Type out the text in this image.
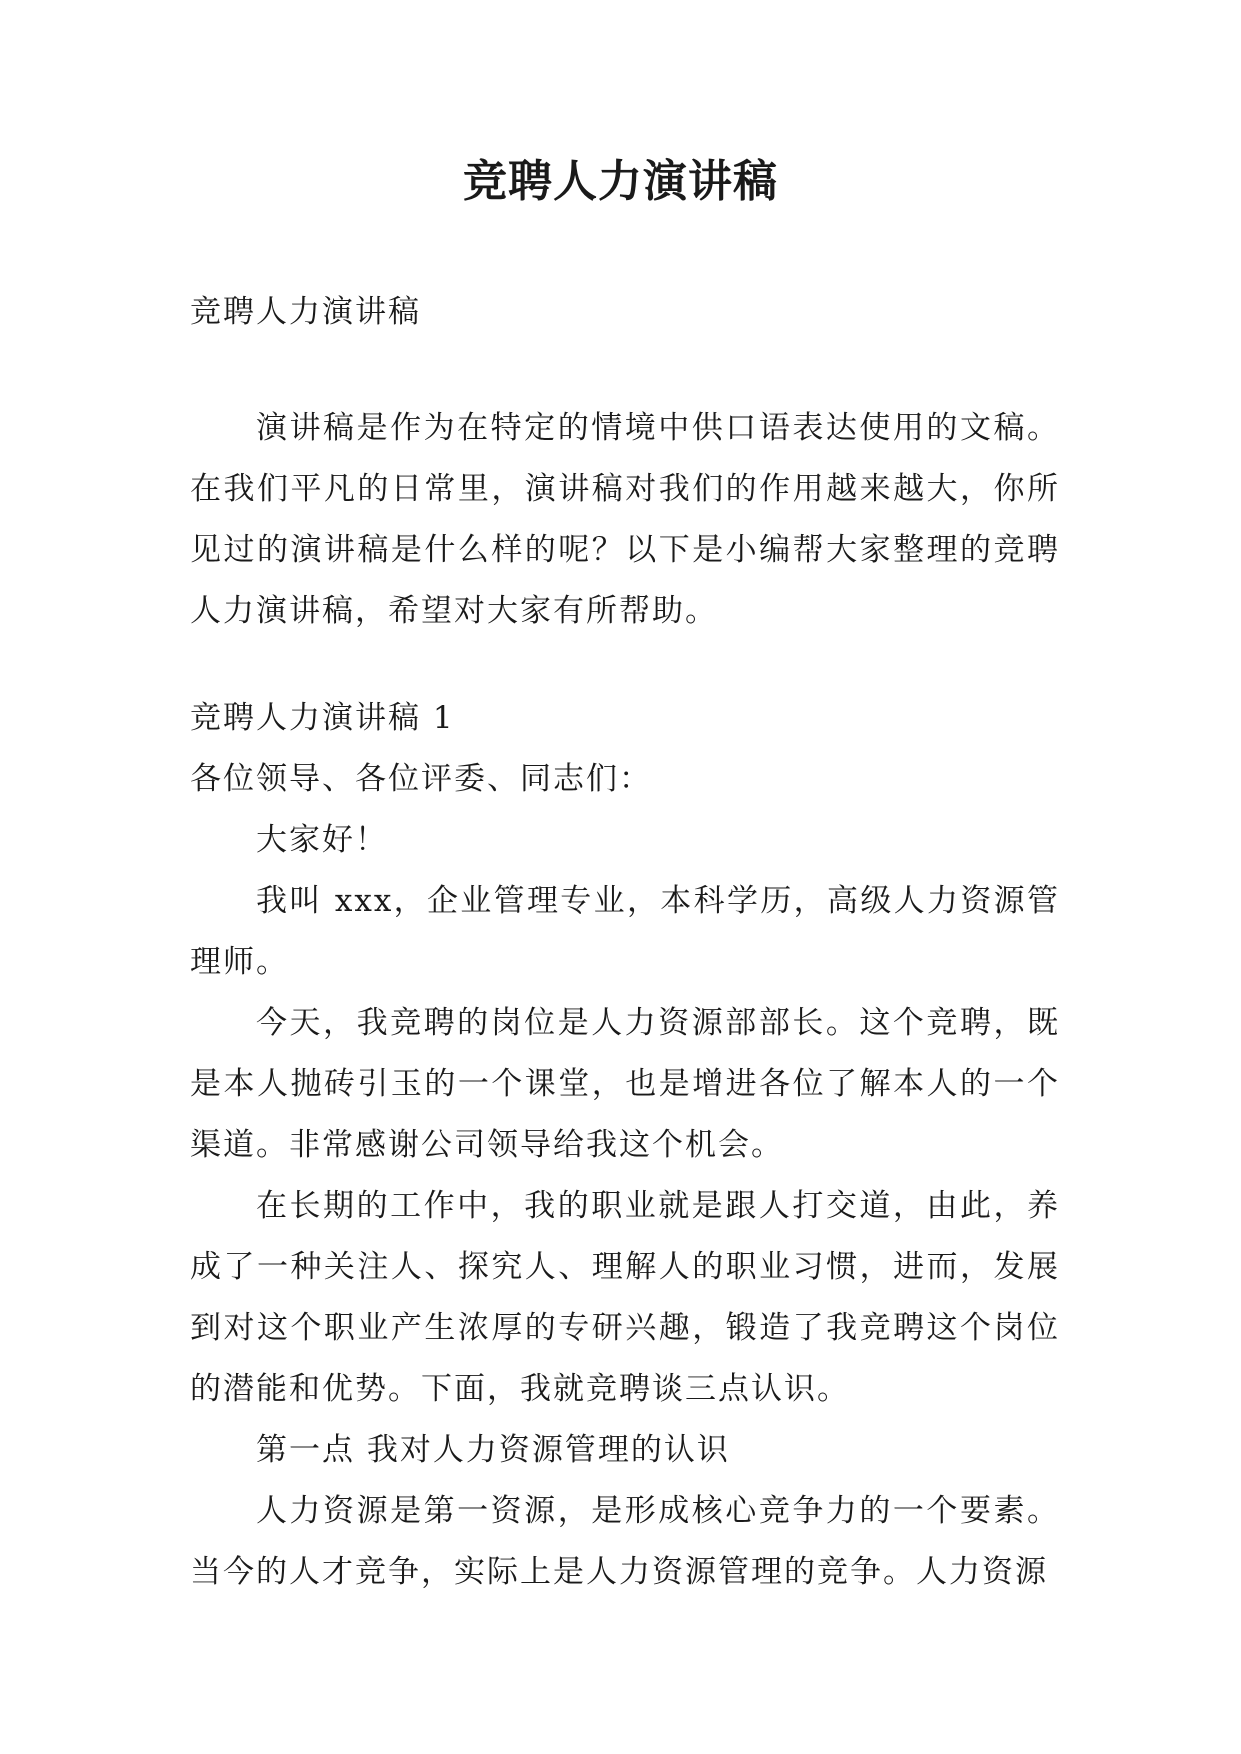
竞聘人力演讲稿

竞聘人力演讲稿

演讲稿是作为在特定的情境中供口语表达使用的文稿。在我们平凡的日常里，演讲稿对我们的作用越来越大，你所见过的演讲稿是什么样的呢？以下是小编帮大家整理的竞聘人力演讲稿，希望对大家有所帮助。

竞聘人力演讲稿 1

各位领导、各位评委、同志们：

大家好！

我叫 xxx，企业管理专业，本科学历，高级人力资源管理师。

今天，我竞聘的岗位是人力资源部部长。这个竞聘，既是本人抛砖引玉的一个课堂，也是增进各位了解本人的一个渠道。非常感谢公司领导给我这个机会。

在长期的工作中，我的职业就是跟人打交道，由此，养成了一种关注人、探究人、理解人的职业习惯，进而，发展到对这个职业产生浓厚的专研兴趣，锻造了我竞聘这个岗位的潜能和优势。下面，我就竞聘谈三点认识。

第一点 我对人力资源管理的认识

人力资源是第一资源，是形成核心竞争力的一个要素。当今的人才竞争，实际上是人力资源管理的竞争。人力资源
